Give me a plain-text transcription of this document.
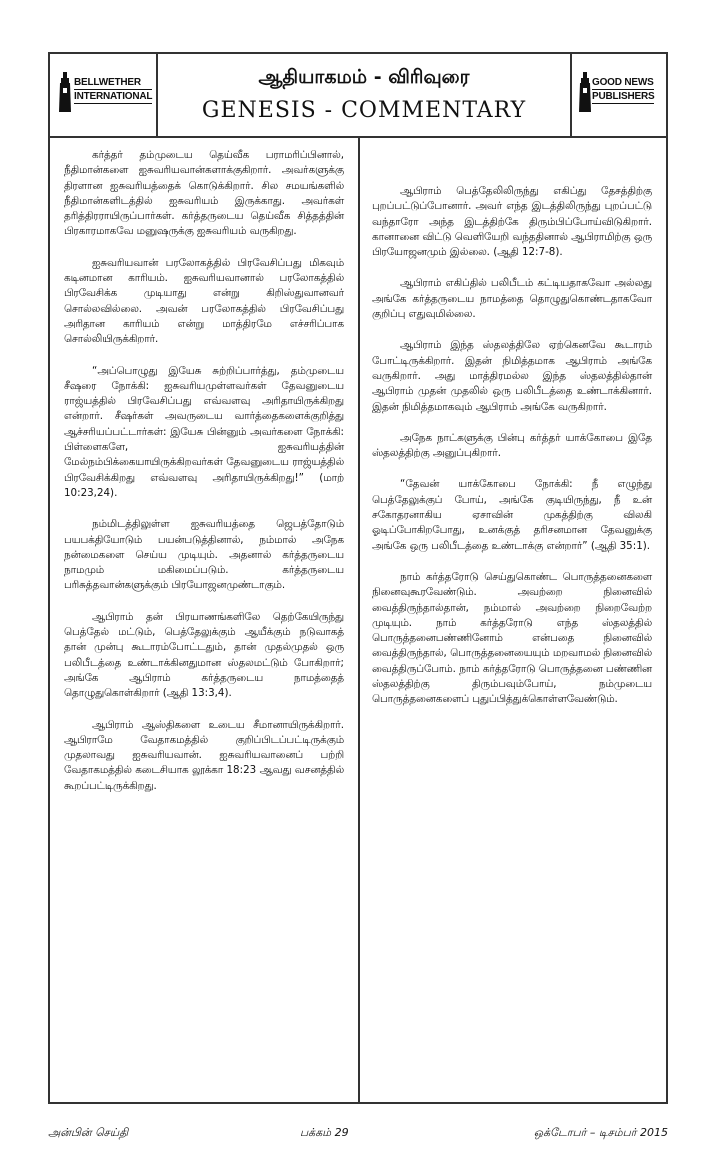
BELLWETHER
INTERNATIONAL
ஆதியாகமம் - விரிவுரை
GENESIS - COMMENTARY
GOOD NEWS
PUBLISHERS

கர்த்தர் தம்முடைய தெய்வீக பராமரிப்பினால், நீதிமான்களை ஐசுவரியவான்களாக்குகிறார். அவர்களுக்கு திரளான ஐசுவரியத்தைக் கொடுக்கிறார். சில சமயங்களில் நீதிமான்களிடத்தில் ஐசுவரியம் இருக்காது. அவர்கள் தரித்திரராயிருப்பார்கள். கர்த்தருடைய தெய்வீக சித்தத்தின் பிரகாரமாகவே மனுஷருக்கு ஐசுவரியம் வருகிறது.

ஐசுவரியவான் பரலோகத்தில் பிரவேசிப்பது மிகவும் கடினமான காரியம். ஐசுவரியவானால் பரலோகத்தில் பிரவேசிக்க முடியாது என்று கிறிஸ்துவானவர் சொல்லவில்லை. அவன் பரலோகத்தில் பிரவேசிப்பது அரிதான காரியம் என்று மாத்திரமே எச்சரிப்பாக சொல்லியிருக்கிறார்.

“அப்பொழுது இயேசு சுற்றிப்பார்த்து, தம்முடைய சீஷரை நோக்கி: ஐசுவரியமுள்ளவர்கள் தேவனுடைய ராஜ்யத்தில் பிரவேசிப்பது எவ்வளவு அரிதாயிருக்கிறது என்றார். சீஷர்கள் அவருடைய வார்த்தைகளைக்குறித்து ஆச்சரியப்பட்டார்கள்: இயேசு பின்னும் அவர்களை நோக்கி: பிள்ளைகளே, ஐசுவரியத்தின் மேல்நம்பிக்கையாயிருக்கிறவர்கள் தேவனுடைய ராஜ்யத்தில் பிரவேசிக்கிறது எவ்வளவு அரிதாயிருக்கிறது!” (மாற் 10:23,24).

நம்மிடத்திலுள்ள ஐசுவரியத்தை ஜெபத்தோடும் பயபக்தியோடும் பயன்படுத்தினால், நம்மால் அநேக நன்மைகளை செய்ய முடியும். அதனால் கர்த்தருடைய நாமமும் மகிமைப்படும். கர்த்தருடைய பரிசுத்தவான்களுக்கும் பிரயோஜனமுண்டாகும்.

ஆபிராம் தன் பிரயாணங்களிலே தெற்கேயிருந்து பெத்தேல் மட்டும், பெத்தேலுக்கும் ஆயீக்கும் நடுவாகத் தான் முன்பு கூடாரம்போட்டதும், தான் முதல்முதல் ஒரு பலிபீடத்தை உண்டாக்கினதுமான ஸ்தலமட்டும் போகிறார்; அங்கே ஆபிராம் கர்த்தருடைய நாமத்தைத் தொழுதுகொள்கிறார் (ஆதி 13:3,4).

ஆபிராம் ஆஸ்திகளை உடைய சீமானாயிருக்கிறார். ஆபிராமே வேதாகமத்தில் குறிப்பிடப்பட்டிருக்கும் முதலாவது ஐசுவரியவான். ஐசுவரியவானைப் பற்றி வேதாகமத்தில் கடைசியாக லூக்கா 18:23 ஆவது வசனத்தில் கூறப்பட்டிருக்கிறது.

ஆபிராம் பெத்தேலிலிருந்து எகிப்து தேசத்திற்கு புறப்பட்டுப்போனார். அவர் எந்த இடத்திலிருந்து புறப்பட்டு வந்தாரோ அந்த இடத்திற்கே திரும்பிப்போய்விடுகிறார். கானானை விட்டு வெளியேறி வந்ததினால் ஆபிராமிற்கு ஒரு பிரயோஜனமும் இல்லை. (ஆதி 12:7-8).

ஆபிராம் எகிப்தில் பலிபீடம் கட்டியதாகவோ அல்லது அங்கே கர்த்தருடைய நாமத்தை தொழுதுகொண்டதாகவோ குறிப்பு எதுவுமில்லை.

ஆபிராம் இந்த ஸ்தலத்திலே ஏற்கெனவே கூடாரம் போட்டிருக்கிறார். இதன் நிமித்தமாக ஆபிராம் அங்கே வருகிறார். அது மாத்திரமல்ல இந்த ஸ்தலத்தில்தான் ஆபிராம் முதன் முதலில் ஒரு பலிபீடத்தை உண்டாக்கினார். இதன் நிமித்தமாகவும் ஆபிராம் அங்கே வருகிறார்.

அநேக நாட்களுக்கு பின்பு கர்த்தர் யாக்கோபை இதே ஸ்தலத்திற்கு அனுப்புகிறார்.

“தேவன் யாக்கோபை நோக்கி: நீ எழுந்து பெத்தேலுக்குப் போய், அங்கே குடியிருந்து, நீ உன் சகோதரனாகிய ஏசாவின் முகத்திற்கு விலகி ஓடிப்போகிறபோது, உனக்குத் தரிசனமான தேவனுக்கு அங்கே ஒரு பலிபீடத்தை உண்டாக்கு என்றார்” (ஆதி 35:1).

நாம் கர்த்தரோடு செய்துகொண்ட பொருத்தனைகளை நினைவுகூரவேண்டும். அவற்றை நினைவில் வைத்திருந்தால்தான், நம்மால் அவற்றை நிறைவேற்ற முடியும். நாம் கர்த்தரோடு எந்த ஸ்தலத்தில் பொருத்தனைபண்ணினோம் என்பதை நினைவில் வைத்திருந்தால், பொருத்தனையையும் மறவாமல் நினைவில் வைத்திருப்போம். நாம் கர்த்தரோடு பொருத்தனை பண்ணின ஸ்தலத்திற்கு திரும்பவும்போய், நம்முடைய பொருத்தனைகளைப் புதுப்பித்துக்கொள்ளவேண்டும்.

அன்பின் செய்தி	பக்கம் 29	ஒக்டோபர் – டிசம்பர் 2015
